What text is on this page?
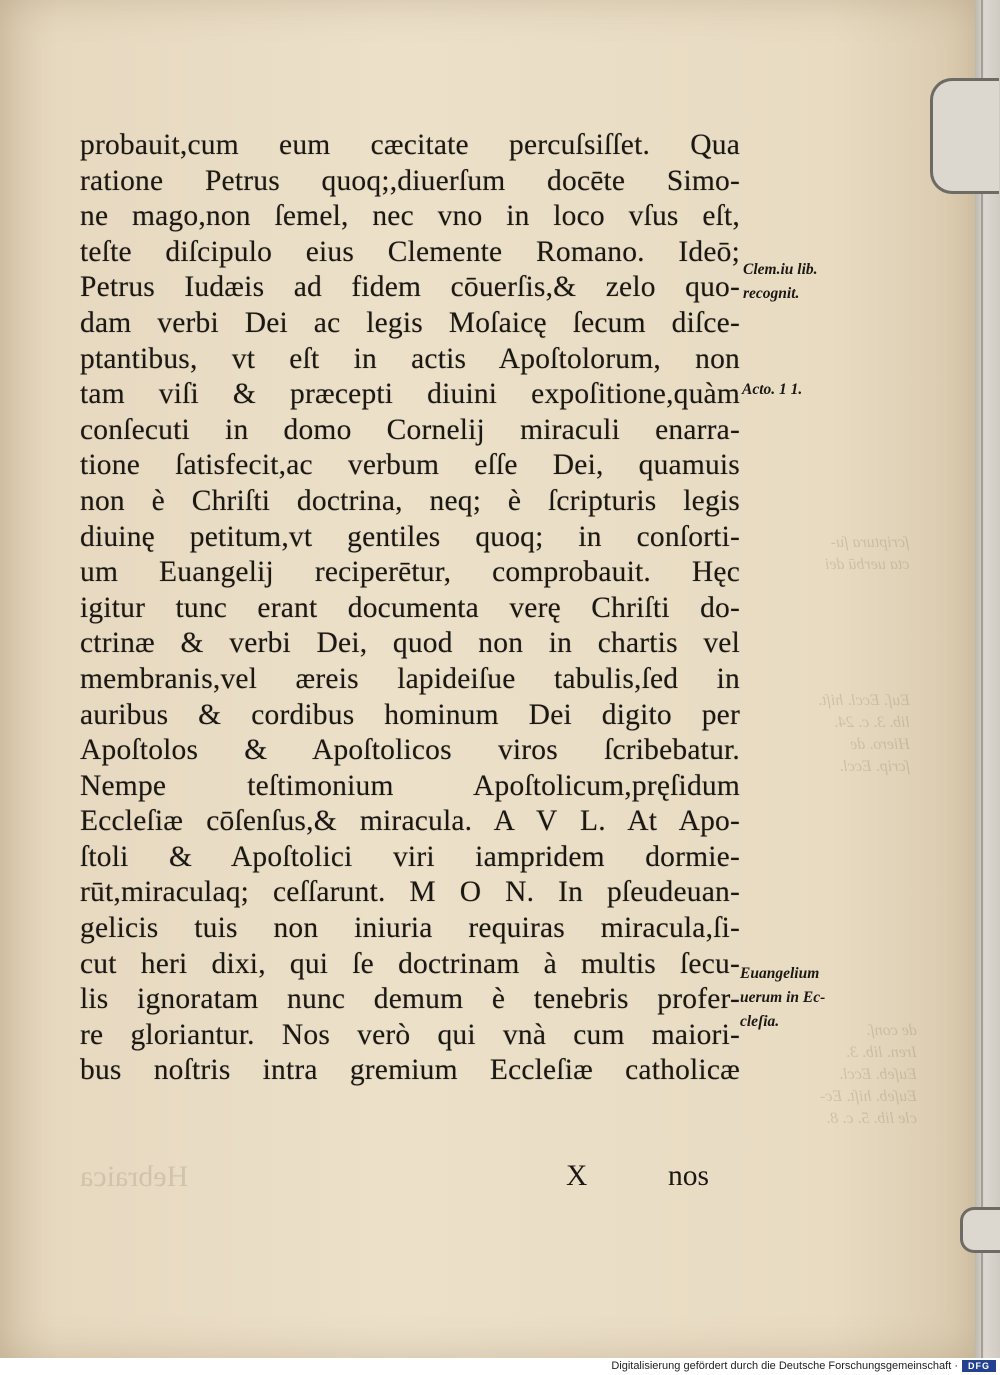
ſcriptura ſu-
cta uerbū dei
Euſ. Eccl. hiſt.
lib. 3. c. 24.
Hiero. de
ſcrip. Eccl.
de conſ.
Iren. lib. 3.
Euſeb. Eccl.
Euſeb. hiſt. Ec-
cle lib. 5. c. 8.
Hebraica
probauit,cum eum cæcitate percuſsiſſet. Qua
ratione Petrus quoq;,diuerſum docēte Simo-
ne mago,non ſemel, nec vno in loco vſus eſt,
teſte diſcipulo eius Clemente Romano. Ideō;
Petrus Iudæis ad fidem cōuerſis,& zelo quo-
dam verbi Dei ac legis Moſaicę ſecum diſce-
ptantibus, vt eſt in actis Apoſtolorum, non
tam viſi & præcepti diuini expoſitione,quàm
conſecuti in domo Cornelij miraculi enarra-
tione ſatisfecit,ac verbum eſſe Dei, quamuis
non è Chriſti doctrina, neq; è ſcripturis legis
diuinę petitum,vt gentiles quoq; in conſorti-
um Euangelij reciperētur, comprobauit. Hęc
igitur tunc erant documenta verę Chriſti do-
ctrinæ & verbi Dei, quod non in chartis vel
membranis,vel æreis lapideiſue tabulis,ſed in
auribus & cordibus hominum Dei digito per
Apoſtolos & Apoſtolicos viros ſcribebatur.
Nempe teſtimonium Apoſtolicum,pręſidum
Eccleſiæ cōſenſus,& miracula. A V L. At Apo-
ſtoli & Apoſtolici viri iampridem dormie-
rūt,miraculaq; ceſſarunt. M O N. In pſeudeuan-
gelicis tuis non iniuria requiras miracula,ſi-
cut heri dixi, qui ſe doctrinam à multis ſecu-
lis ignoratam nunc demum è tenebris profer-
re gloriantur. Nos verò qui vnà cum maiori-
bus noſtris intra gremium Eccleſiæ catholicæ
Clem.iu lib.
recognit.
Acto. 1 1.
Euangelium
uerum in Ec-
cleſia.
X	nos
Digitalisierung gefördert durch die Deutsche Forschungsgemeinschaft ·	DFG
